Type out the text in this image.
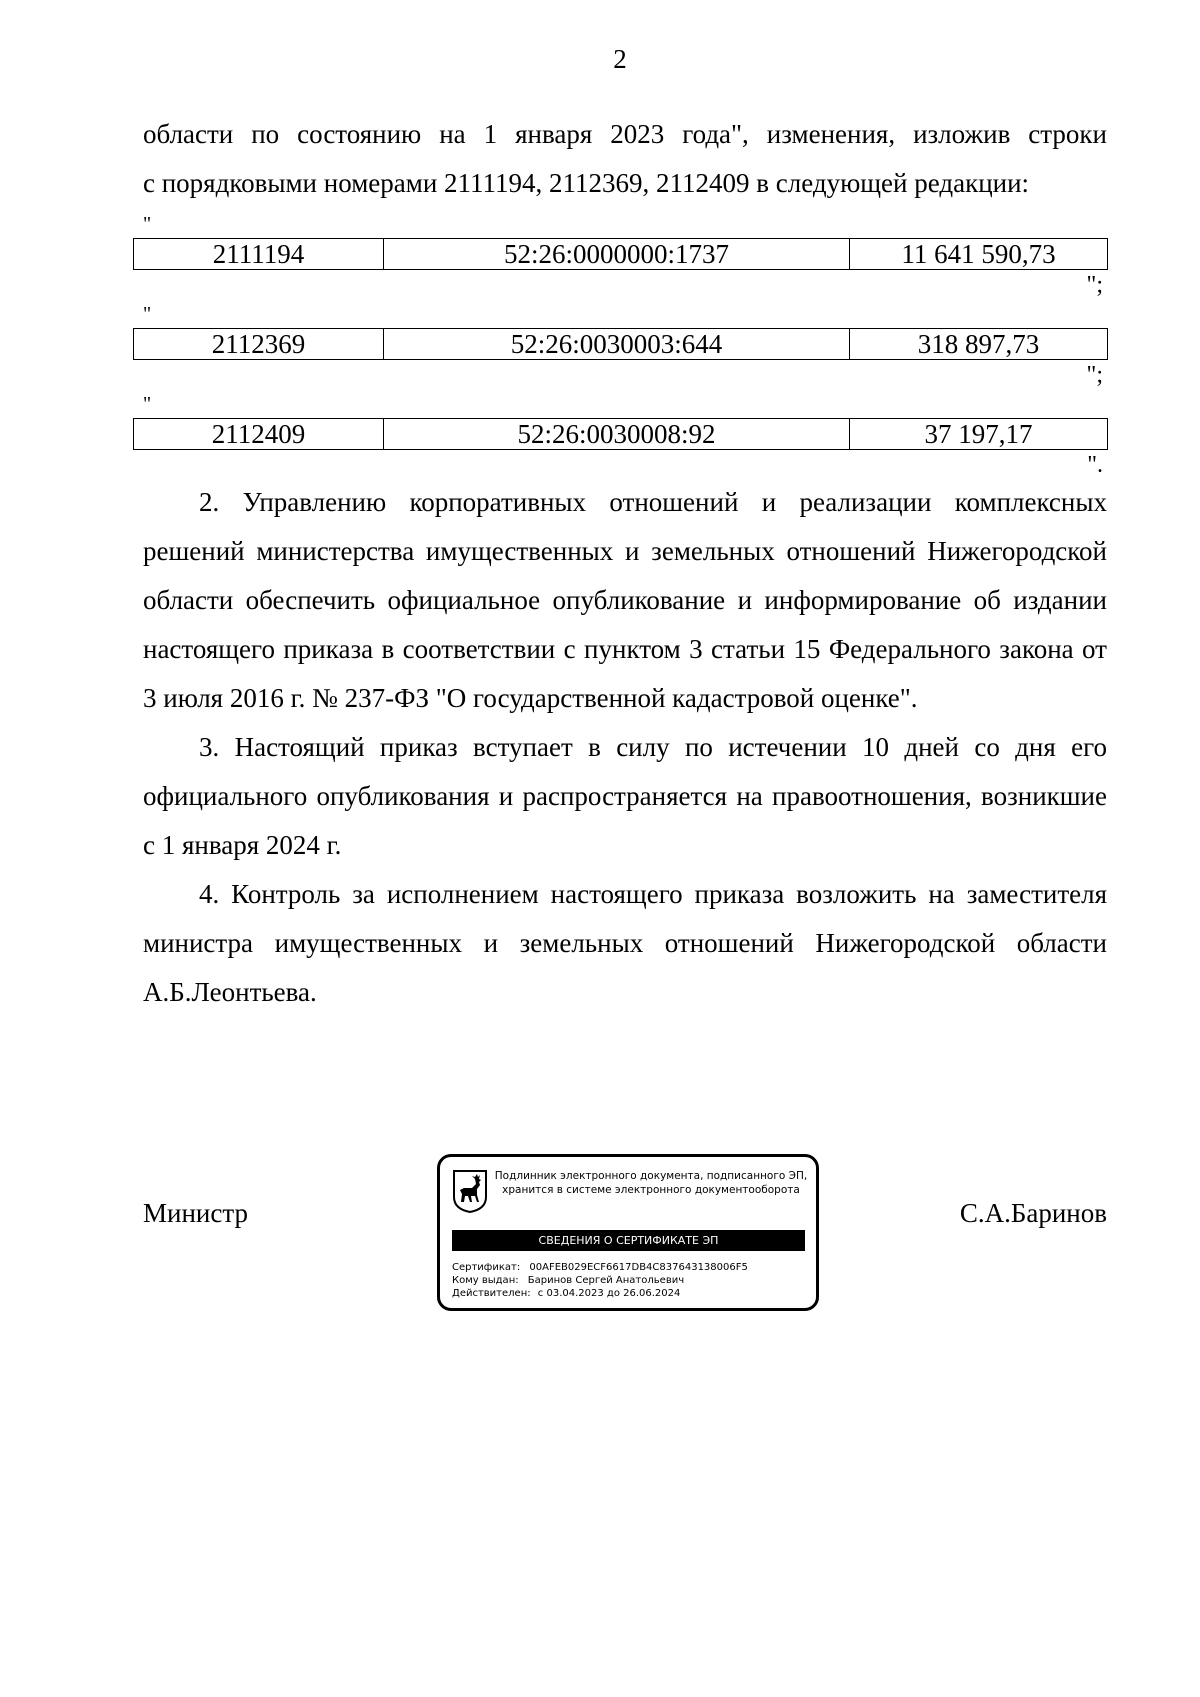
2

области по состоянию на 1 января 2023 года", изменения, изложив строки

с порядковыми номерами 2111194, 2112369, 2112409 в следующей редакции:

"
2111194	52:26:0000000:1737	11 641 590,73
";
"
2112369	52:26:0030003:644	318 897,73
";
"
2112409	52:26:0030008:92	37 197,17
".

2. Управлению корпоративных отношений и реализации комплексных решений министерства имущественных и земельных отношений Нижегородской области обеспечить официальное опубликование и информирование об издании настоящего приказа в соответствии с пунктом 3 статьи 15 Федерального закона от 3 июля 2016 г. № 237-ФЗ "О государственной кадастровой оценке".

3. Настоящий приказ вступает в силу по истечении 10 дней со дня его официального опубликования и распространяется на правоотношения, возникшие с 1 января 2024 г.

4. Контроль за исполнением настоящего приказа возложить на заместителя министра имущественных и земельных отношений Нижегородской области А.Б.Леонтьева.

Министр
Подлинник электронного документа, подписанного ЭП,
хранится в системе электронного документооборота
СВЕДЕНИЯ О СЕРТИФИКАТЕ ЭП
Сертификат: 00AFEB029ECF6617DB4C837643138006F5
Кому выдан: Баринов Сергей Анатольевич
Действителен: с 03.04.2023 до 26.06.2024
С.А.Баринов
